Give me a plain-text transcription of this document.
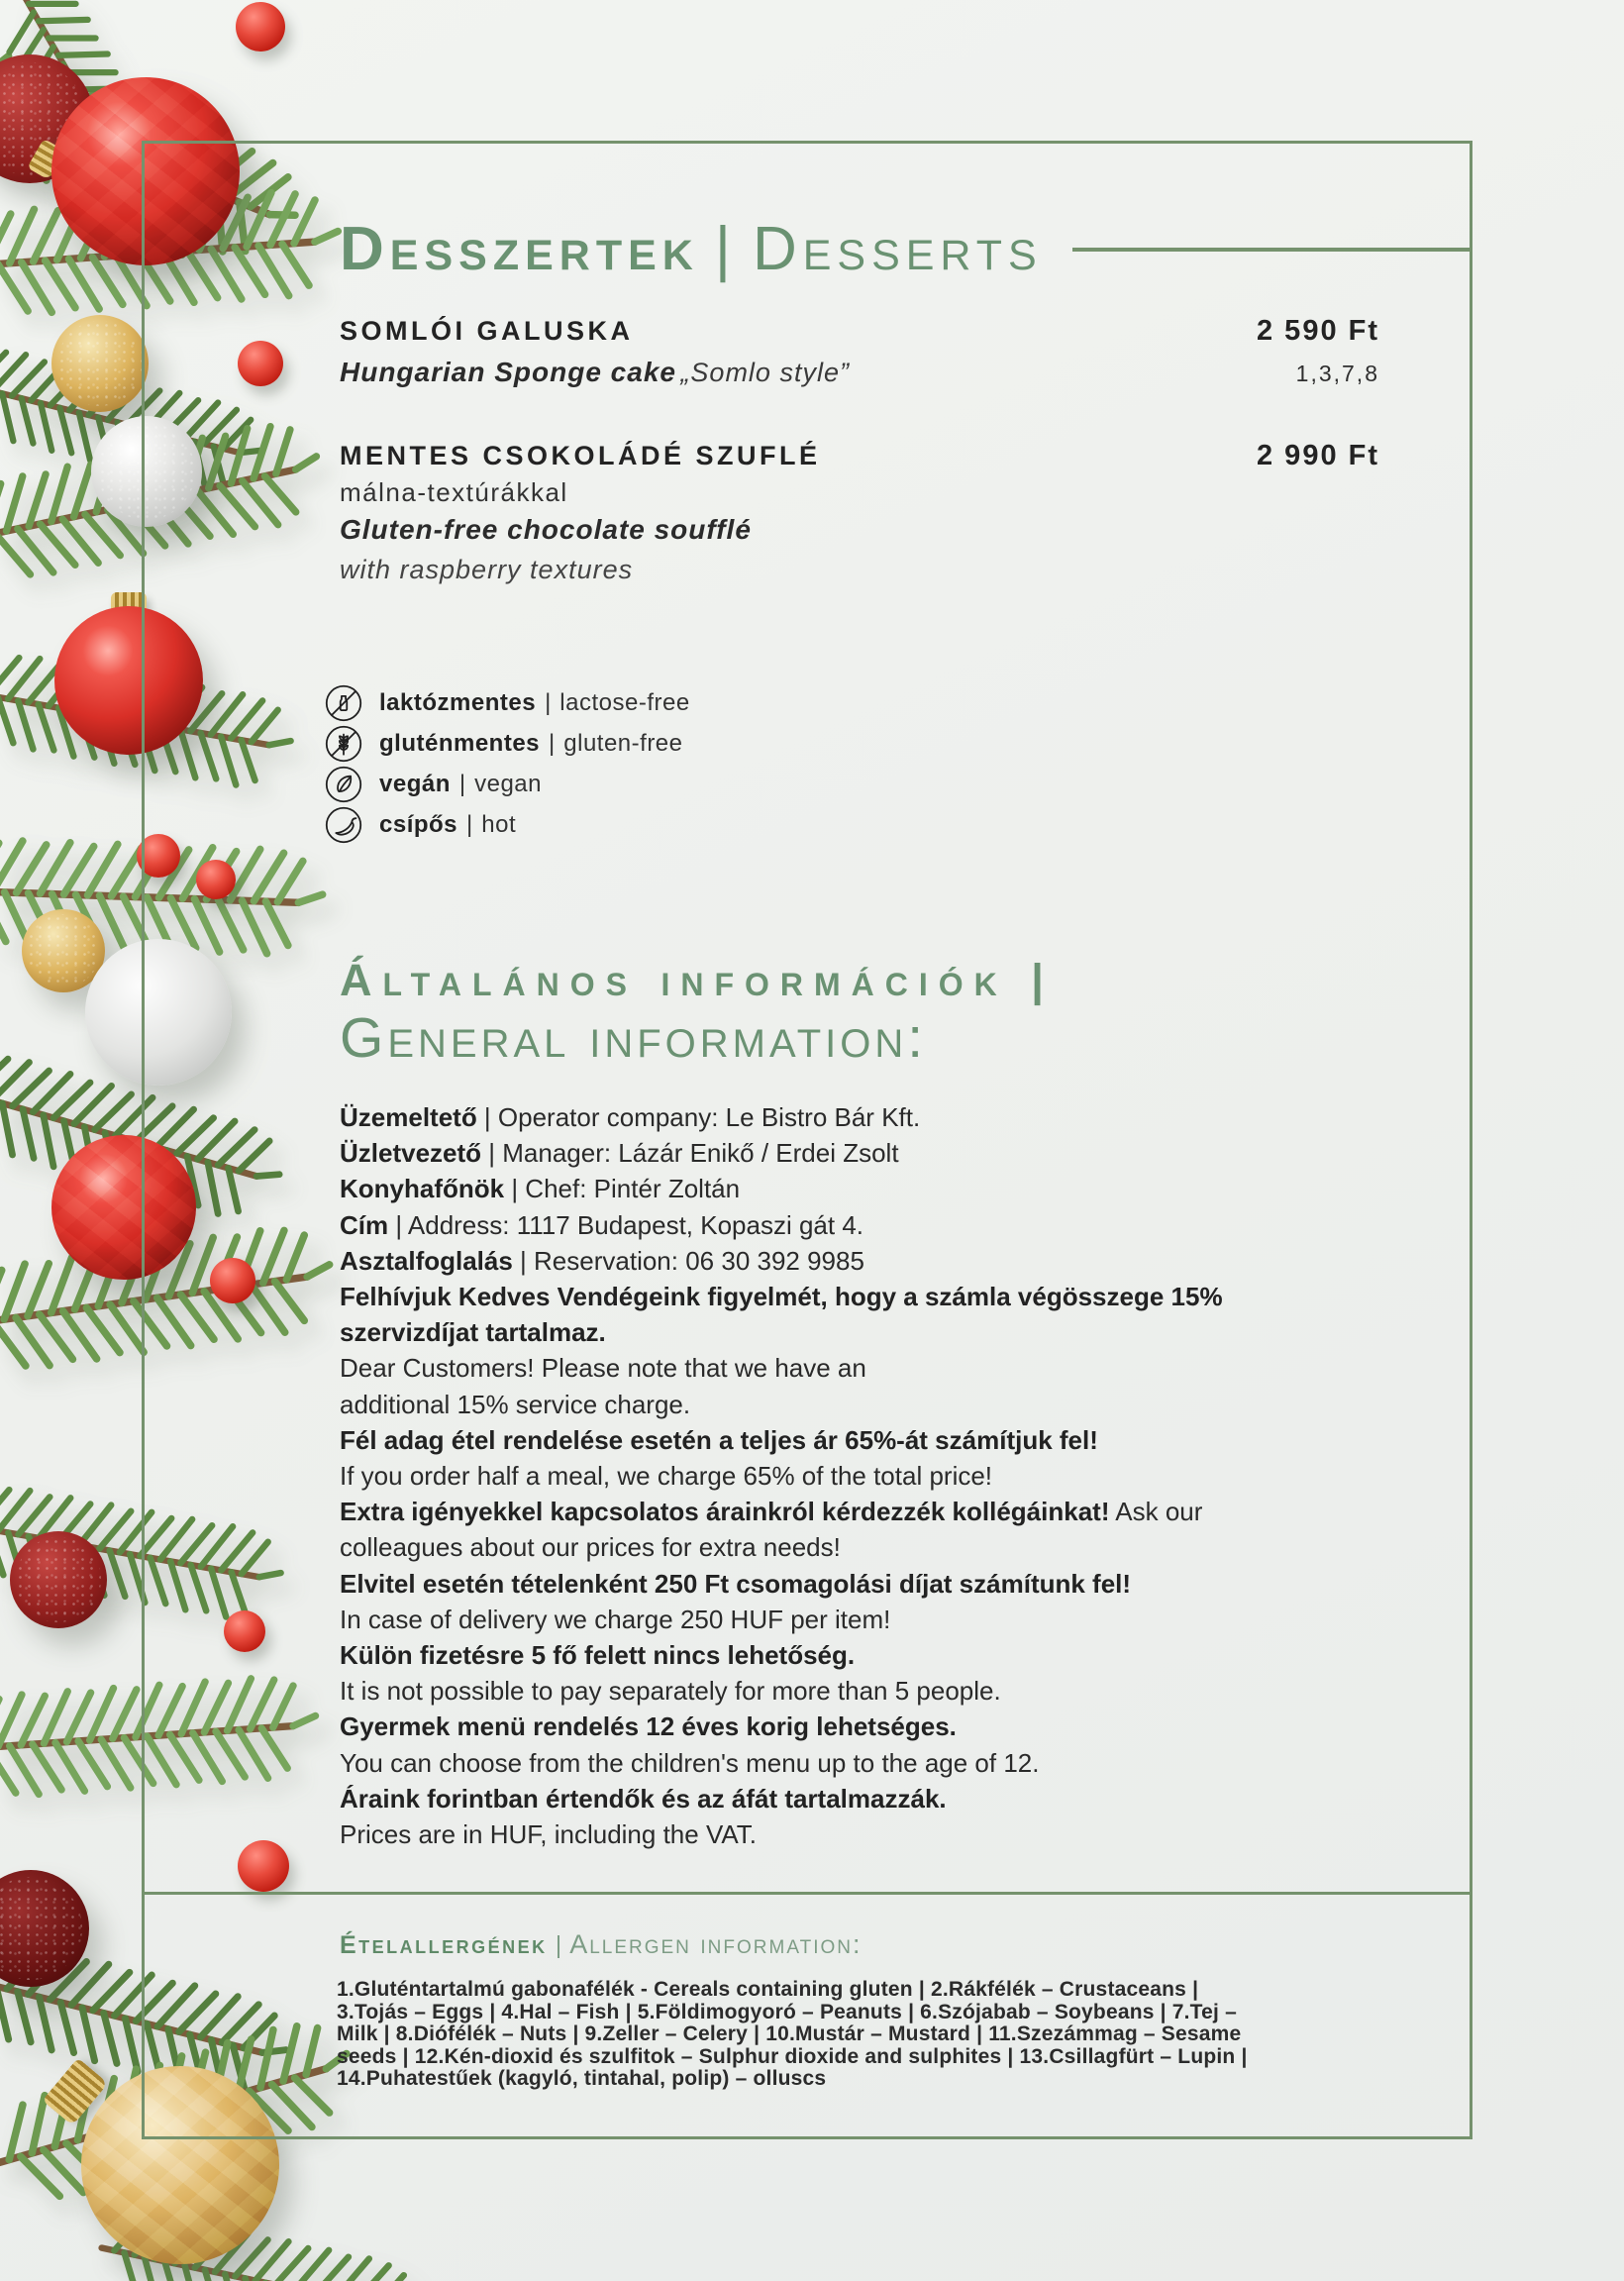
Desszertek | Desserts
SOMLÓI GALUSKA	2 590 Ft
Hungarian Sponge cake „Somlo style”	1,3,7,8
MENTES CSOKOLÁDÉ SZUFLÉ	2 990 Ft
málna-textúrákkal
Gluten-free chocolate soufflé
with raspberry textures
laktózmentes | lactose-free
gluténmentes | gluten-free
vegán | vegan
csípős | hot
Általános információk |
General information:
Üzemeltető | Operator company: Le Bistro Bár Kft.
Üzletvezető | Manager: Lázár Enikő / Erdei Zsolt
Konyhafőnök | Chef: Pintér Zoltán
Cím | Address: 1117 Budapest, Kopaszi gát 4.
Asztalfoglalás | Reservation: 06 30 392 9985
Felhívjuk Kedves Vendégeink figyelmét, hogy a számla végösszege 15%
szervizdíjat tartalmaz.
Dear Customers! Please note that we have an
additional 15% service charge.
Fél adag étel rendelése esetén a teljes ár 65%-át számítjuk fel!
If you order half a meal, we charge 65% of the total price!
Extra igényekkel kapcsolatos árainkról kérdezzék kollégáinkat! Ask our
colleagues about our prices for extra needs!
Elvitel esetén tételenként 250 Ft csomagolási díjat számítunk fel!
In case of delivery we charge 250 HUF per item!
Külön fizetésre 5 fő felett nincs lehetőség.
It is not possible to pay separately for more than 5 people.
Gyermek menü rendelés 12 éves korig lehetséges.
You can choose from the children's menu up to the age of 12.
Áraink forintban értendők és az áfát tartalmazzák.
Prices are in HUF, including the VAT.
Ételallergének | Allergen information:
1.Gluténtartalmú gabonafélék - Cereals containing gluten | 2.Rákfélék – Crustaceans |
3.Tojás – Eggs | 4.Hal – Fish | 5.Földimogyoró – Peanuts | 6.Szójabab – Soybeans | 7.Tej –
Milk | 8.Diófélék – Nuts | 9.Zeller – Celery | 10.Mustár – Mustard | 11.Szezámmag – Sesame
seeds | 12.Kén-dioxid és szulfitok – Sulphur dioxide and sulphites | 13.Csillagfürt – Lupin |
14.Puhatestűek (kagyló, tintahal, polip) – olluscs
